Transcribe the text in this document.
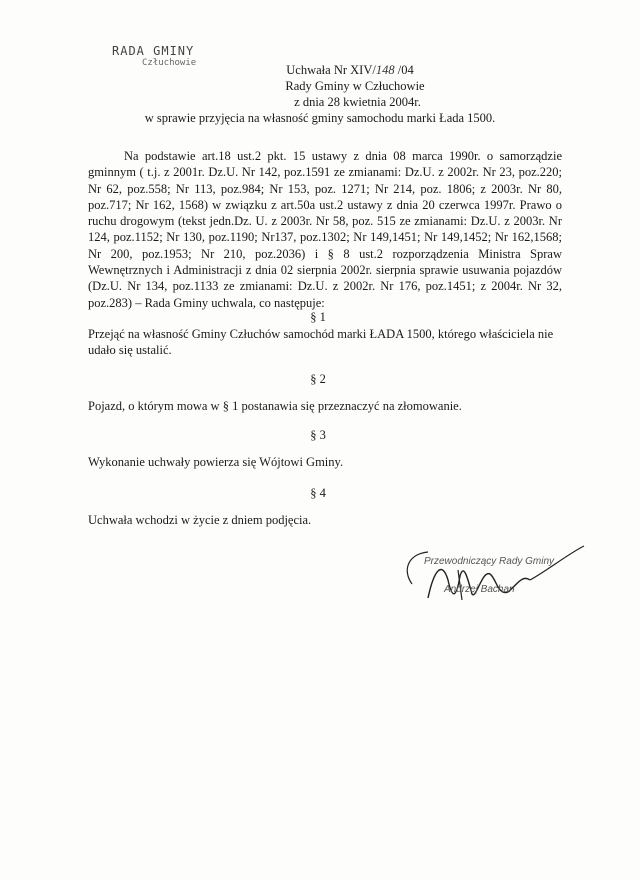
RADA GMINY
Człuchowie	Uchwała Nr XIV/148 /04
Rady Gminy w Człuchowie
z dnia 28 kwietnia 2004r.
w sprawie przyjęcia na własność gminy samochodu marki Łada 1500.

Na podstawie art.18 ust.2 pkt. 15 ustawy z dnia 08 marca 1990r. o samorządzie gminnym ( t.j. z 2001r. Dz.U. Nr 142, poz.1591 ze zmianami: Dz.U. z 2002r. Nr 23, poz.220; Nr 62, poz.558; Nr 113, poz.984; Nr 153, poz. 1271; Nr 214, poz. 1806; z 2003r. Nr 80, poz.717; Nr 162, 1568) w związku z art.50a ust.2 ustawy z dnia 20 czerwca 1997r. Prawo o ruchu drogowym (tekst jedn.Dz. U. z 2003r. Nr 58, poz. 515 ze zmianami: Dz.U. z 2003r. Nr 124, poz.1152; Nr 130, poz.1190; Nr137, poz.1302; Nr 149,1451; Nr 149,1452; Nr 162,1568; Nr 200, poz.1953; Nr 210, poz.2036) i § 8 ust.2 rozporządzenia Ministra Spraw Wewnętrznych i Administracji z dnia 02 sierpnia 2002r. sierpnia sprawie usuwania pojazdów (Dz.U. Nr 134, poz.1133 ze zmianami: Dz.U. z 2002r. Nr 176, poz.1451; z 2004r. Nr 32, poz.283) – Rada Gminy uchwala, co następuje:

§ 1
Przejąć na własność Gminy Człuchów samochód marki ŁADA 1500, którego właściciela nie udało się ustalić.
§ 2
Pojazd, o którym mowa w § 1 postanawia się przeznaczyć na złomowanie.
§ 3
Wykonanie uchwały powierza się Wójtowi Gminy.
§ 4
Uchwała wchodzi w życie z dniem podjęcia.
Przewodniczący Rady Gminy
Andrzej Bachan
